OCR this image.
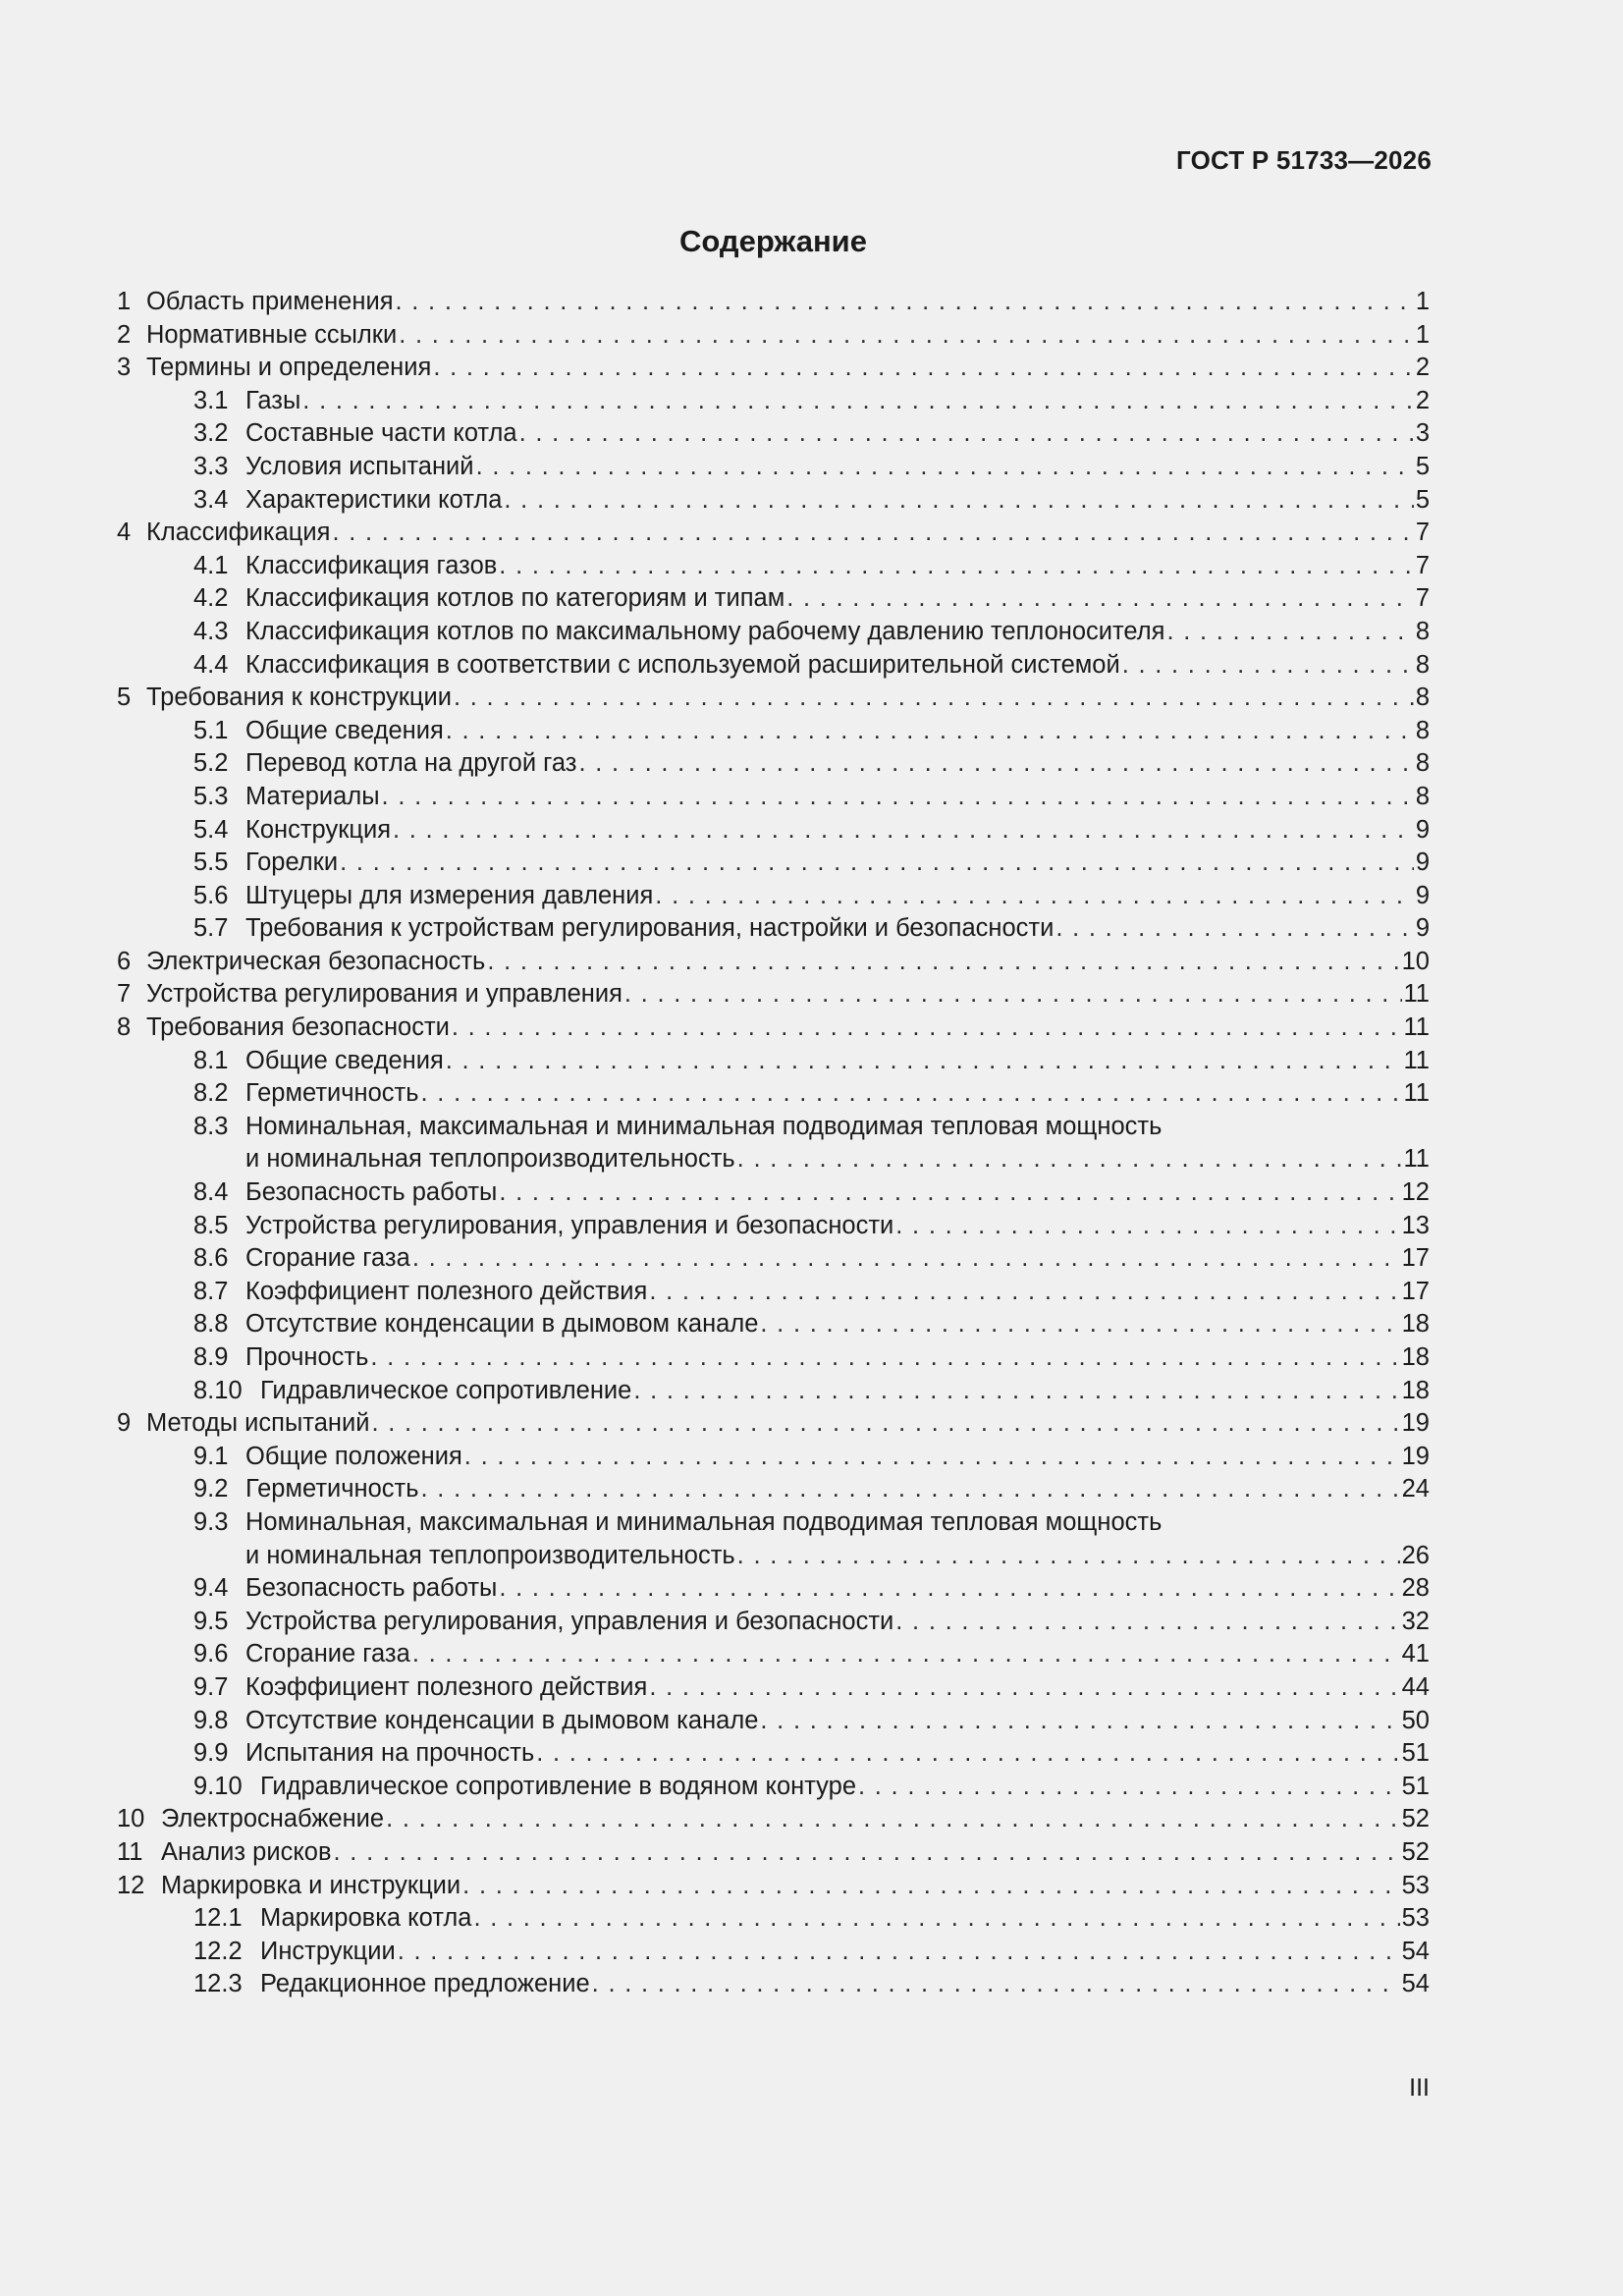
ГОСТ Р 51733—2026
Содержание
1 Область применения . . .	1
2 Нормативные ссылки . . .	1
3 Термины и определения . . .	2
3.1 Газы . . .	2
3.2 Составные части котла . . .	3
3.3 Условия испытаний . . .	5
3.4 Характеристики котла . . .	5
4 Классификация . . .	7
4.1 Классификация газов . . .	7
4.2 Классификация котлов по категориям и типам . . .	7
4.3 Классификация котлов по максимальному рабочему давлению теплоносителя . . .	8
4.4 Классификация в соответствии с используемой расширительной системой . . .	8
5 Требования к конструкции . . .	8
5.1 Общие сведения . . .	8
5.2 Перевод котла на другой газ . . .	8
5.3 Материалы . . .	8
5.4 Конструкция . . .	9
5.5 Горелки . . .	9
5.6 Штуцеры для измерения давления . . .	9
5.7 Требования к устройствам регулирования, настройки и безопасности . . .	9
6 Электрическая безопасность . . .	10
7 Устройства регулирования и управления . . .	11
8 Требования безопасности . . .	11
8.1 Общие сведения . . .	11
8.2 Герметичность . . .	11
8.3 Номинальная, максимальная и минимальная подводимая тепловая мощность
и номинальная теплопроизводительность . . .	11
8.4 Безопасность работы . . .	12
8.5 Устройства регулирования, управления и безопасности . . .	13
8.6 Сгорание газа . . .	17
8.7 Коэффициент полезного действия . . .	17
8.8 Отсутствие конденсации в дымовом канале . . .	18
8.9 Прочность . . .	18
8.10 Гидравлическое сопротивление . . .	18
9 Методы испытаний . . .	19
9.1 Общие положения . . .	19
9.2 Герметичность . . .	24
9.3 Номинальная, максимальная и минимальная подводимая тепловая мощность
и номинальная теплопроизводительность . . .	26
9.4 Безопасность работы . . .	28
9.5 Устройства регулирования, управления и безопасности . . .	32
9.6 Сгорание газа . . .	41
9.7 Коэффициент полезного действия . . .	44
9.8 Отсутствие конденсации в дымовом канале . . .	50
9.9 Испытания на прочность . . .	51
9.10 Гидравлическое сопротивление в водяном контуре . . .	51
10 Электроснабжение . . .	52
11 Анализ рисков . . .	52
12 Маркировка и инструкции . . .	53
12.1 Маркировка котла . . .	53
12.2 Инструкции . . .	54
12.3 Редакционное предложение . . .	54
III
